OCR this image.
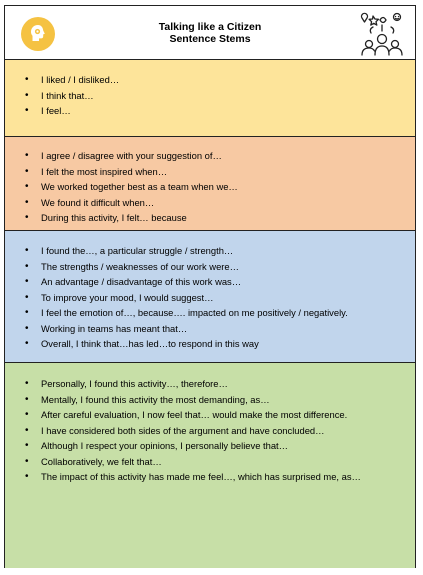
Talking like a Citizen
Sentence Stems
• I liked / I disliked…
• I think that…
• I feel…
• I agree / disagree with your suggestion of…
• I felt the most inspired when…
• We worked together best as a team when we…
• We found it difficult when…
• During this activity, I felt… because
• I found the…, a particular struggle / strength…
• The strengths / weaknesses of our work were…
• An advantage / disadvantage of this work was…
• To improve your mood, I would suggest…
• I feel the emotion of…, because…. impacted on me positively / negatively.
• Working in teams has meant that…
• Overall, I think that…has led…to respond in this way
• Personally, I found this activity…, therefore…
• Mentally, I found this activity the most demanding, as…
• After careful evaluation, I now feel that… would make the most difference.
• I have considered both sides of the argument and have concluded…
• Although I respect your opinions, I personally believe that…
• Collaboratively, we felt that…
• The impact of this activity has made me feel…, which has surprised me, as…
